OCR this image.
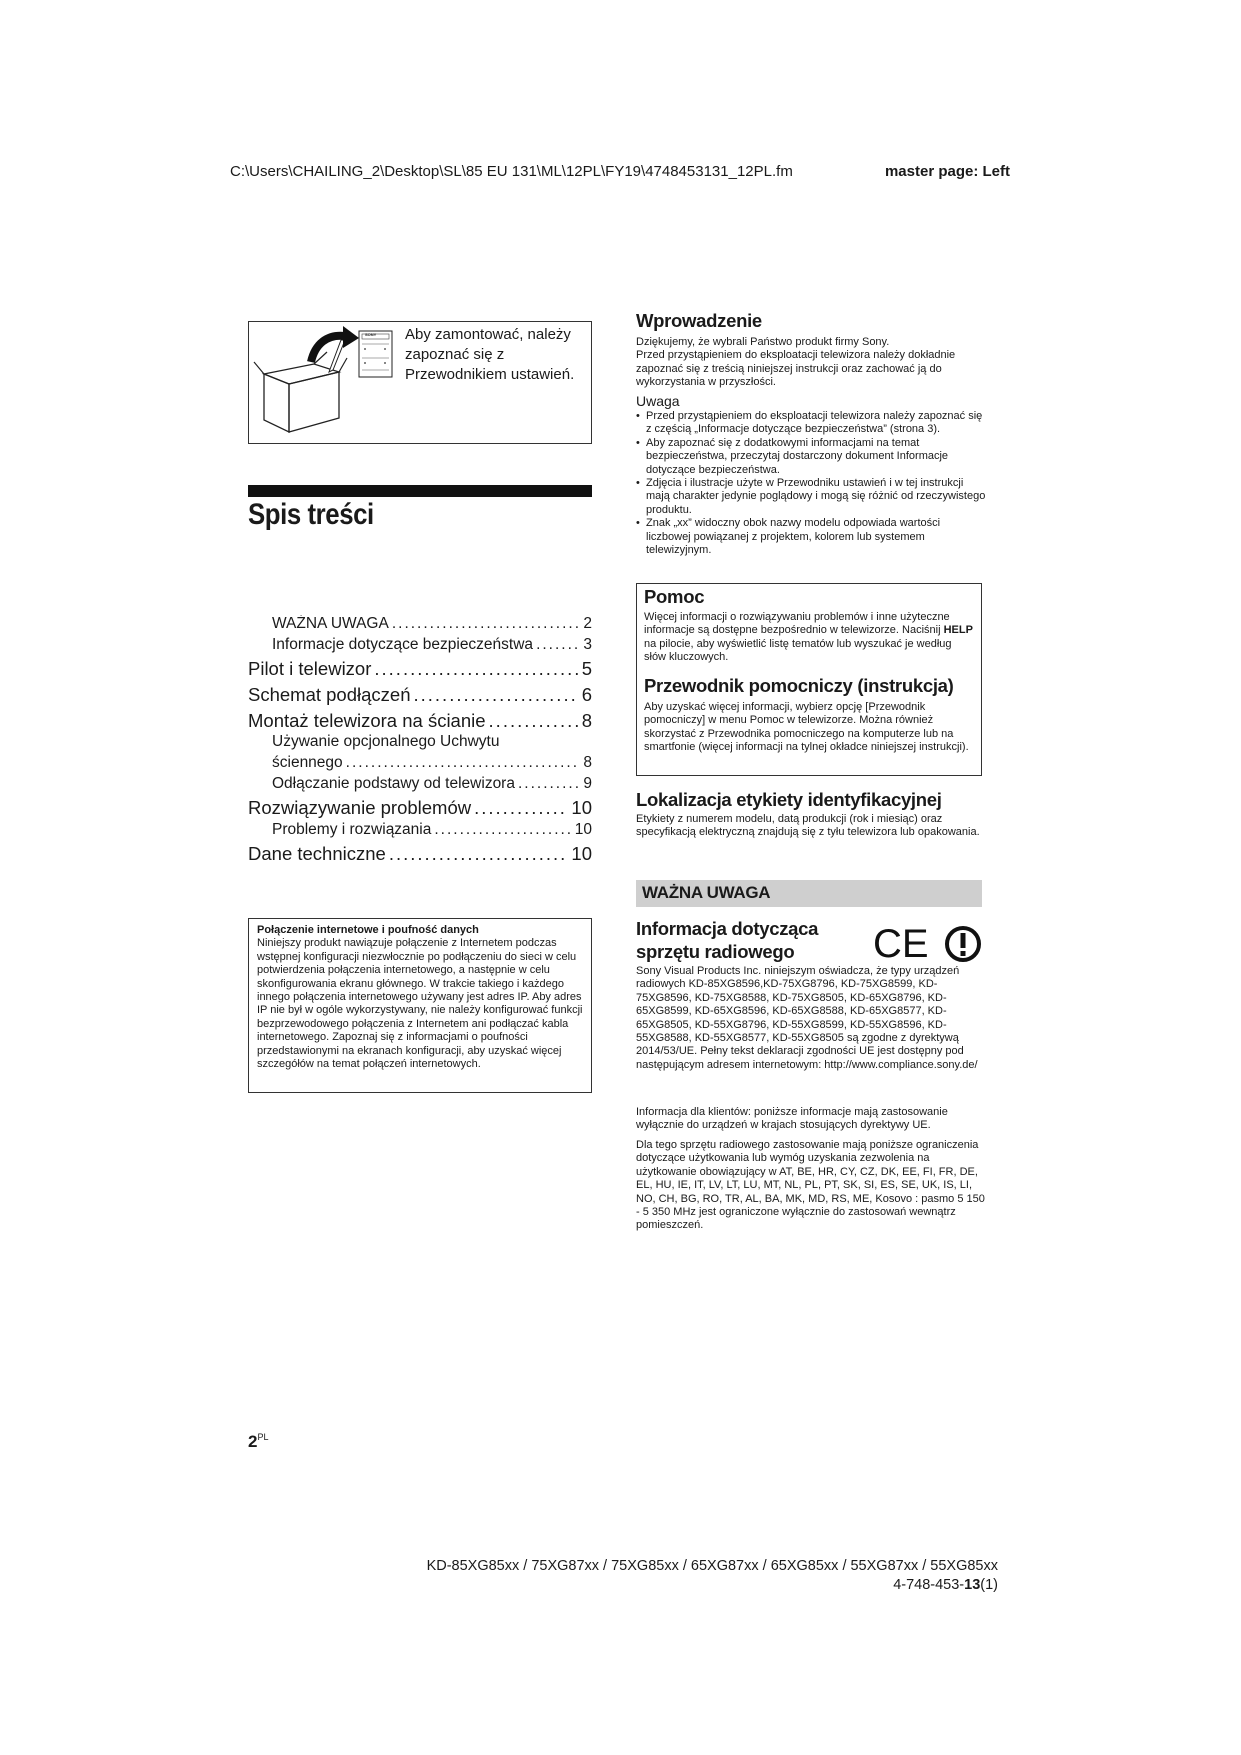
C:\Users\CHAILING_2\Desktop\SL\85 EU 131\ML\12PL\FY19\4748453131_12PL.fm	master page: Left
SONY Aby zamontować, należy zapoznać się z Przewodnikiem ustawień.
Spis treści
WAŻNA UWAGA .....	2
Informacje dotyczące bezpieczeństwa .....	3
Pilot i telewizor .....	5
Schemat podłączeń .....	6
Montaż telewizora na ścianie .....	8
Używanie opcjonalnego Uchwytu
ściennego .....	8
Odłączanie podstawy od telewizora .....	9
Rozwiązywanie problemów .....	10
Problemy i rozwiązania .....	10
Dane techniczne .....	10
Połączenie internetowe i poufność danych
Niniejszy produkt nawiązuje połączenie z Internetem podczas wstępnej konfiguracji niezwłocznie po podłączeniu do sieci w celu potwierdzenia połączenia internetowego, a następnie w celu skonfigurowania ekranu głównego. W trakcie takiego i każdego innego połączenia internetowego używany jest adres IP. Aby adres IP nie był w ogóle wykorzystywany, nie należy konfigurować funkcji bezprzewodowego połączenia z Internetem ani podłączać kabla internetowego. Zapoznaj się z informacjami o poufności przedstawionymi na ekranach konfiguracji, aby uzyskać więcej szczegółów na temat połączeń internetowych.
$2^{PL}$
Wprowadzenie
Dziękujemy, że wybrali Państwo produkt firmy Sony.
Przed przystąpieniem do eksploatacji telewizora należy dokładnie zapoznać się z treścią niniejszej instrukcji oraz zachować ją do wykorzystania w przyszłości.
Uwaga
• Przed przystąpieniem do eksploatacji telewizora należy zapoznać się z częścią „Informacje dotyczące bezpieczeństwa” (strona 3).
• Aby zapoznać się z dodatkowymi informacjami na temat bezpieczeństwa, przeczytaj dostarczony dokument Informacje dotyczące bezpieczeństwa.
• Zdjęcia i ilustracje użyte w Przewodniku ustawień i w tej instrukcji mają charakter jedynie poglądowy i mogą się różnić od rzeczywistego produktu.
• Znak „xx” widoczny obok nazwy modelu odpowiada wartości liczbowej powiązanej z projektem, kolorem lub systemem telewizyjnym.
Pomoc
Więcej informacji o rozwiązywaniu problemów i inne użyteczne informacje są dostępne bezpośrednio w telewizorze. Naciśnij HELP na pilocie, aby wyświetlić listę tematów lub wyszukać je według słów kluczowych.
Przewodnik pomocniczy (instrukcja)
Aby uzyskać więcej informacji, wybierz opcję [Przewodnik pomocniczy] w menu Pomoc w telewizorze. Można również skorzystać z Przewodnika pomocniczego na komputerze lub na smartfonie (więcej informacji na tylnej okładce niniejszej instrukcji).
Lokalizacja etykiety identyfikacyjnej
Etykiety z numerem modelu, datą produkcji (rok i miesiąc) oraz specyfikacją elektryczną znajdują się z tyłu telewizora lub opakowania.
WAŻNA UWAGA
Informacja dotycząca sprzętu radiowego	CE
Sony Visual Products Inc. niniejszym oświadcza, że typy urządzeń radiowych KD-85XG8596,KD-75XG8796, KD-75XG8599, KD-75XG8596, KD-75XG8588, KD-75XG8505, KD-65XG8796, KD-65XG8599, KD-65XG8596, KD-65XG8588, KD-65XG8577, KD-65XG8505, KD-55XG8796, KD-55XG8599, KD-55XG8596, KD-55XG8588, KD-55XG8577, KD-55XG8505 są zgodne z dyrektywą 2014/53/UE. Pełny tekst deklaracji zgodności UE jest dostępny pod następującym adresem internetowym: http://www.compliance.sony.de/
Informacja dla klientów: poniższe informacje mają zastosowanie wyłącznie do urządzeń w krajach stosujących dyrektywy UE.
Dla tego sprzętu radiowego zastosowanie mają poniższe ograniczenia dotyczące użytkowania lub wymóg uzyskania zezwolenia na użytkowanie obowiązujący w AT, BE, HR, CY, CZ, DK, EE, FI, FR, DE, EL, HU, IE, IT, LV, LT, LU, MT, NL, PL, PT, SK, SI, ES, SE, UK, IS, LI, NO, CH, BG, RO, TR, AL, BA, MK, MD, RS, ME, Kosovo : pasmo 5 150 - 5 350 MHz jest ograniczone wyłącznie do zastosowań wewnątrz pomieszczeń.
KD-85XG85xx / 75XG87xx / 75XG85xx / 65XG87xx / 65XG85xx / 55XG87xx / 55XG85xx
4-748-453-13(1)
